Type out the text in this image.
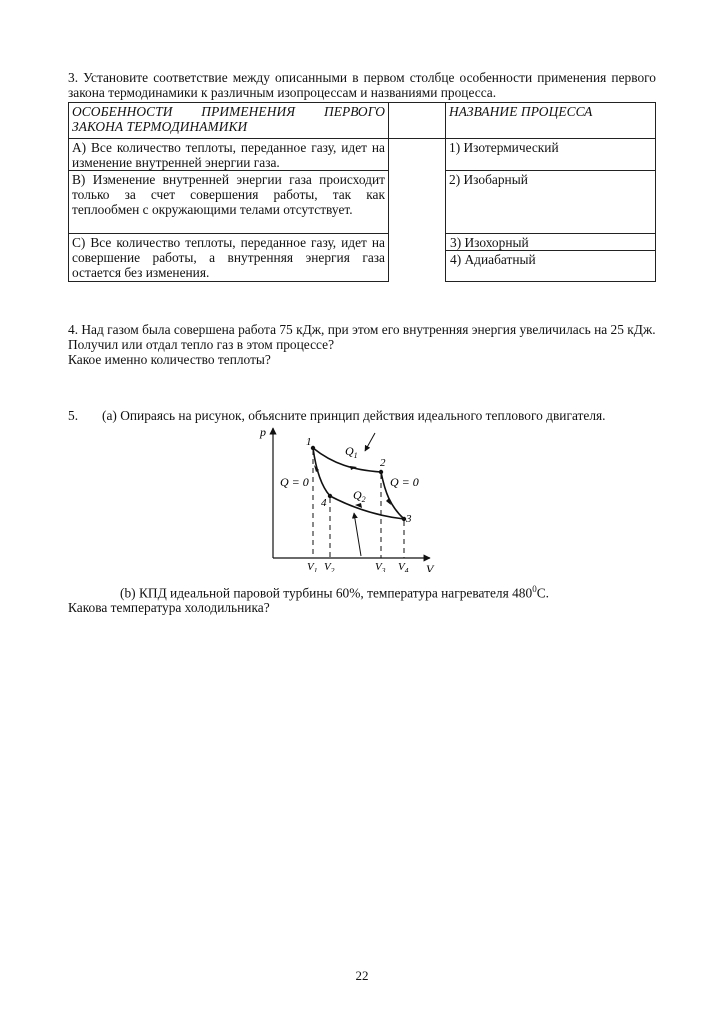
3. Установите соответствие между описанными в первом столбце особенности применения первого закона термодинамики к различным изопроцессам и названиями процесса.

ОСОБЕННОСТИ ПРИМЕНЕНИЯ ПЕРВОГО ЗАКОНА ТЕРМОДИНАМИКИ		НАЗВАНИЕ ПРОЦЕССА
А) Все количество теплоты, переданное газу, идет на изменение внутренней энергии газа.		1) Изотермический
В) Изменение внутренней энергии газа происходит только за счет совершения работы, так как теплообмен с окружающими телами отсутствует.		2) Изобарный
С) Все количество теплоты, переданное газу, идет на совершение работы, а внутренняя энергия газа остается без изменения.		3) Изохорный
4) Адиабатный

4. Над газом была совершена работа 75 кДж, при этом его внутренняя энергия увеличилась на 25 кДж.

Получил или отдал тепло газ в этом процессе?

Какое именно количество теплоты?

5. (a) Опираясь на рисунок, объясните принцип действия идеального теплового двигателя.
p
V
1
2
3
4
$Q_1$
$Q_2$
Q = 0	Q = 0
$V_1$ $V_2$	$V_3$ $V_4$

(b) КПД идеальной паровой турбины 60%, температура нагревателя $480^0С$.

Какова температура холодильника?

22
